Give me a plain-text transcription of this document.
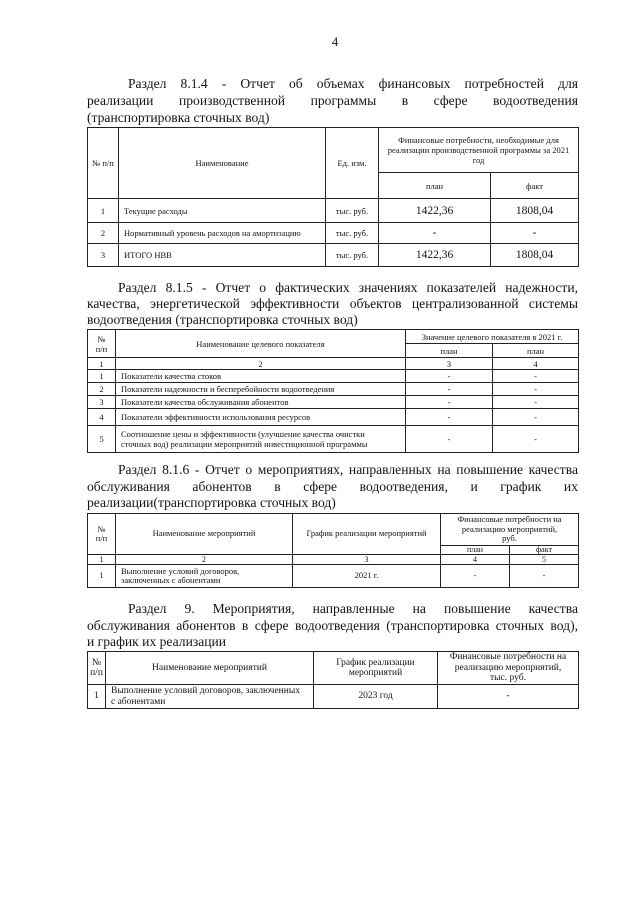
4
Раздел 8.1.4 - Отчет об объемах финансовых потребностей для
реализации производственной программы в сфере водоотведения
(транспортировка сточных вод)
№ п/п	Наименование	Ед. изм.	Финансовые потребности, необходимые для
реализации производственной программы за 2021
год	
			план	факт
1	Текущие расходы	тыс. руб.	1422,36	1808,04
2	Нормативный уровень расходов на амортизацию	тыс. руб.	-	-
3	ИТОГО НВВ	тыс. руб.	1422,36	1808,04
Раздел 8.1.5 - Отчет о фактических значениях показателей надежности,
качества, энергетической эффективности объектов централизованной системы
водоотведения (транспортировка сточных вод)
№
п/п	Наименование целевого показателя	Значение целевого показателя в 2021 г.	
		план	план
1	2	3	4
1	Показатели качества стоков	-	-
2	Показатели надежности и бесперебойности водоотведения	-	-
3	Показатели качества обслуживания абонентов	-	-
4	Показатели эффективности использования ресурсов	-	-
5	Соотношение цены и эффективности (улучшение качества очистки
сточных вод) реализации мероприятий инвестиционной программы	-	-
Раздел 8.1.6 - Отчет о мероприятиях, направленных на повышение качества
обслуживания абонентов в сфере водоотведения, и график их
реализации(транспортировка сточных вод)
№
п/п	Наименование мероприятий	График реализации мероприятий	Финансовые потребности на
реализацию мероприятий,
руб.	
			план	факт
1	2	3	4	5
1	Выполнение условий договоров,
заключенных с абонентами	2021 г.	-	-
Раздел 9. Мероприятия, направленные на повышение качества
обслуживания абонентов в сфере водоотведения (транспортировка сточных вод),
и график их реализации
№
п/п	Наименование мероприятий	График реализации
мероприятий	Финансовые потребности на
реализацию мероприятий,
тыс. руб.
1	Выполнение условий договоров, заключенных
с абонентами	2023 год	-
